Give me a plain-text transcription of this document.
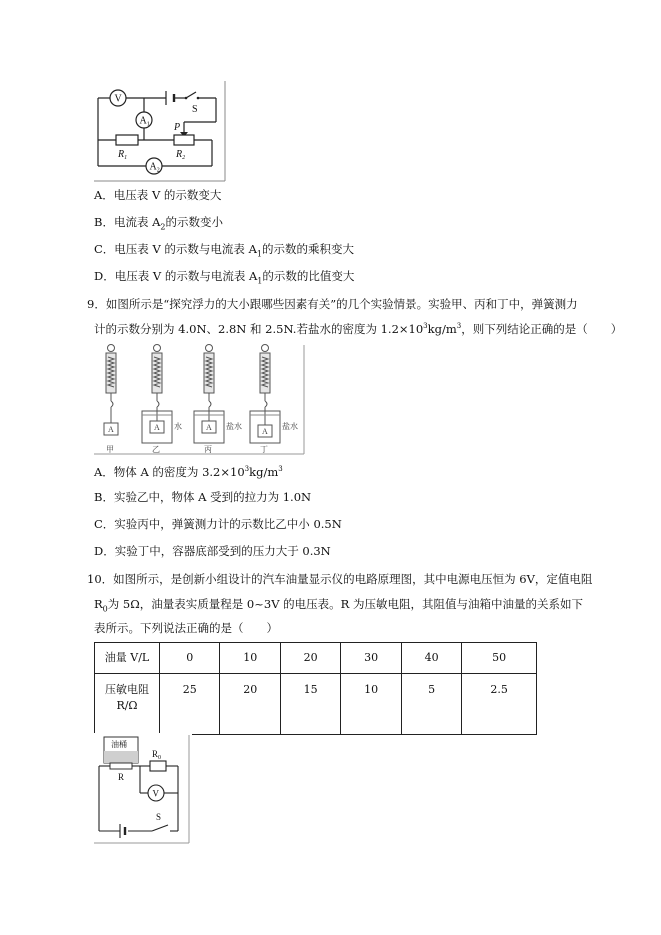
V
$A_1$
$A_2$
S
P
$R_1$	$R_2$
A．电压表 V 的示数变大
B．电流表 $A_2$的示数变小
C．电压表 V 的示数与电流表 $A_1$的示数的乘积变大
D．电压表 V 的示数与电流表 $A_1$的示数的比值变大
9．如图所示是“探究浮力的大小跟哪些因素有关”的几个实验情景。实验甲、丙和丁中，弹簧测力
计的示数分别为 4.0N、2.8N 和 2.5N.若盐水的密度为 $1.2\times 10^3kg/m^3$，则下列结论正确的是（　　）
A	A	A	A
水	盐水	盐水
甲	乙	丙	丁
A．物体 A 的密度为 $3.2\times 10^3kg/m^3$
B．实验乙中，物体 A 受到的拉力为 1.0N
C．实验丙中，弹簧测力计的示数比乙中小 0.5N
D．实验丁中，容器底部受到的压力大于 0.3N
10．如图所示，是创新小组设计的汽车油量显示仪的电路原理图，其中电源电压恒为 6V，定值电阻
$R_0$为 5Ω，油量表实质量程是 0~3V 的电压表。R 为压敏电阻，其阻值与油箱中油量的关系如下
表所示。下列说法正确的是（　　）
油量 V/L	0	10	20	30	40	50
压敏电阻
R/Ω	25	20	15	10	5	2.5
油桶
$R_0$
R
V
S
